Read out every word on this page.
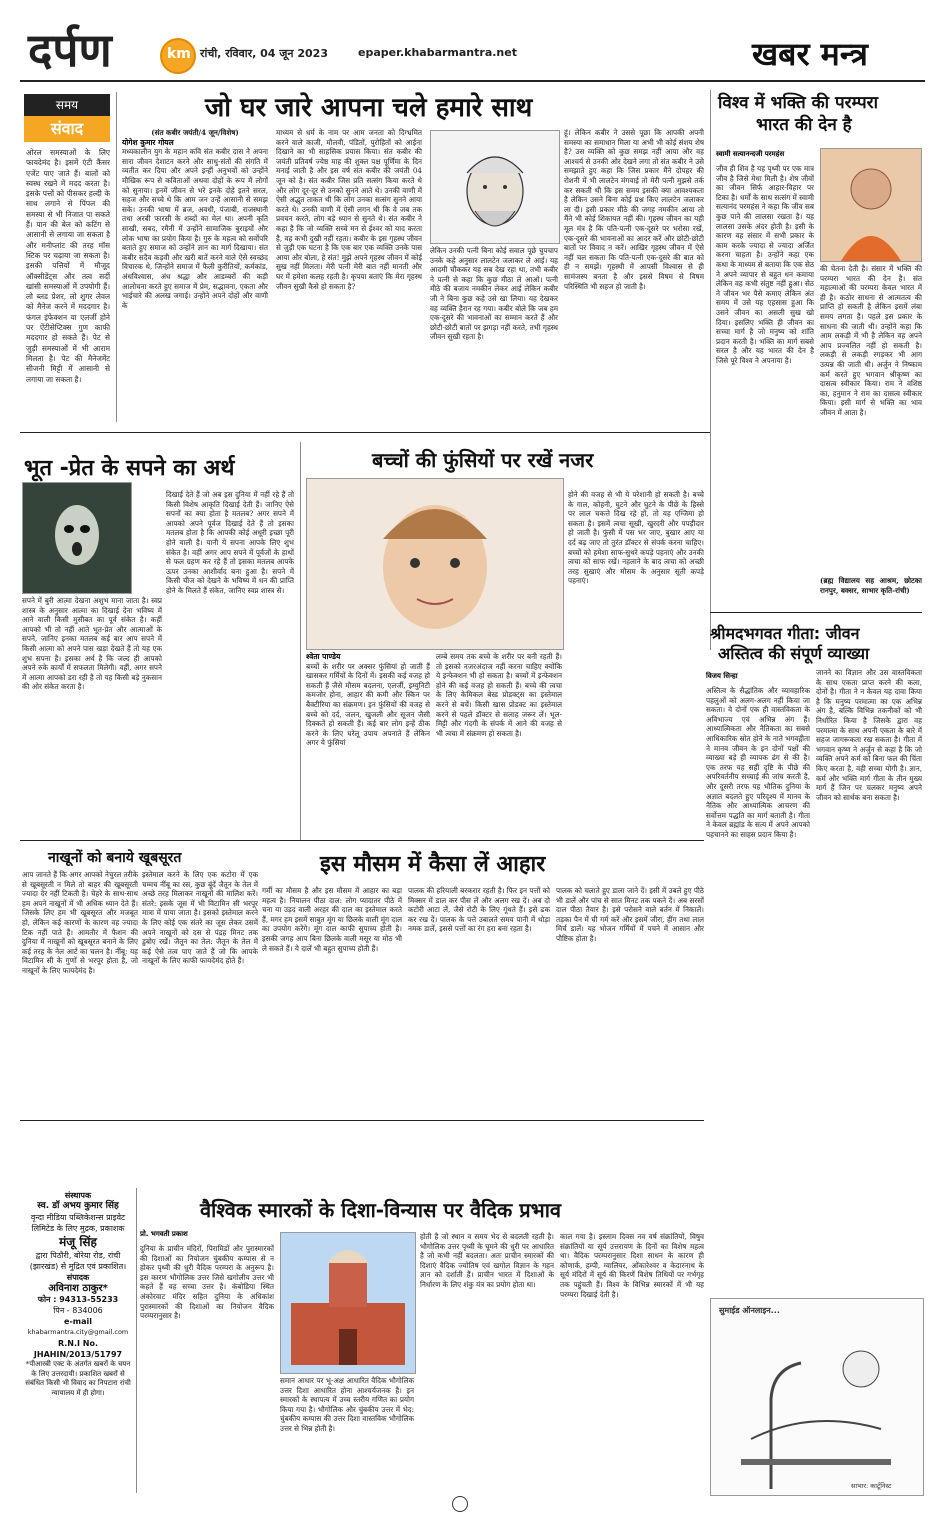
दर्पण	km रांची, रविवार, 04 जून 2023	epaper.khabarmantra.net	खबर मन्त्र
समय
संवाद
ओरल समस्याओं के लिए फायदेमंद है। इसमें एंटी कैंसर एजेंट पाए जाते हैं। बालों को स्वस्थ रखने में मदद करता है। इसके पत्तों को पीसकर हल्दी के साथ लगाने से पिंपल की समस्या से भी निजात पा सकते हैं। पान की बेल को कटिंग से आसानी से लगाया जा सकता है और मनीप्लांट की तरह मॉस स्टिक पर चढ़ाया जा सकता है। इसकी पत्तियों में मौजूद ऑक्सीडेंट्स और तत्व सर्दी खांसी समस्याओं में उपयोगी हैं। लो ब्लड प्रेशर, लो शुगर लेवल को मैनेज करने में मददगार है। फंगल इंफेक्शन या एलर्जी होने पर ऐंटीसेप्टिक्स गुण काफी मददगार हो सकते हैं। पेट से जुड़ी समस्याओं में भी आराम मिलता है। पेट की मैनेजमेंट सीजनी मिट्टी में आसानी से लगाया जा सकता है।
जो घर जारे आपना चले हमारे साथ
(संत कबीर जयंती/4 जून/विशेष)
योगेश कुमार गोयल
मध्यकालीन युग के महान कवि संत कबीर दास ने अपना सारा जीवन देशाटन करने और साधु-संतों की संगति में व्यतीत कर दिया और अपने इन्हीं अनुभवों को उन्होंने मौखिक रूप से कविताओं अथवा दोहों के रूप में लोगों को सुनाया। इनमें जीवन से भरे इनके दोहे इतने सरल, सहज और सच्चे थे कि आम जन उन्हें आसानी से समझ सके। उनकी भाषा में ब्रज, अवधी, पंजाबी, राजस्थानी तथा अरबी फारसी के शब्दों का मेल था। अपनी कृति साखी, सबद, रमैनी में उन्होंने सामाजिक बुराइयों और लोक भाषा का प्रयोग किया है। गुरु के महत्व को सर्वोपरि बताते हुए समाज को उन्होंने ज्ञान का मार्ग दिखाया। संत कबीर सदैव कड़वी और खरी बातें करने वाले ऐसे स्वच्छंद विचारक थे, जिन्होंने समाज में फैली कुरीतियों, कर्मकांड, अंधविश्वास, अंध श्रद्धा और आडम्बरों की कड़ी आलोचना करते हुए समाज में प्रेम, सद्भावना, एकता और भाईचारे की अलख जगाई। उन्होंने अपने दोहों और वाणी के
माध्यम से धर्म के नाम पर आम जनता को दिग्भ्रमित करने वाले काजी, मौलवी, पंडितों, पुरोहितों को आईना दिखाने का भी साहसिक प्रयास किया। संत कबीर की जयंती प्रतिवर्ष ज्येष्ठ माह की शुक्ल पक्ष पूर्णिमा के दिन मनाई जाती है और इस वर्ष संत कबीर की जयंती 04 जून को है। संत कबीर जिस प्रति सत्संग किया करते थे और लोग दूर-दूर से उनको सुनने आते थे। उनकी वाणी में ऐसी अद्भुत ताकत थी कि लोग उनका सत्संग सुनने आया करते थे। उनकी वाणी में ऐसी लगन थी कि वे जब तक प्रवचन करते, लोग बड़े ध्यान से सुनते थे। संत कबीर ने कहा है कि जो व्यक्ति सच्चे मन से ईश्वर को याद करता है, वह कभी दुखी नहीं रहता। कबीर के इस गृहस्थ जीवन से जुड़ी एक घटना है कि एक बार एक व्यक्ति उनके पास आया और बोला, हे संत! मुझे अपने गृहस्थ जीवन में कोई सुख नहीं मिलता। मेरी पत्नी मेरी बात नहीं मानती और घर में हमेशा कलह रहती है। कृपया बताएं कि मेरा गृहस्थ जीवन सुखी कैसे हो सकता है?
लेकिन उनकी पत्नी बिना कोई सवाल पूछे चुपचाप उनके कहे अनुसार लालटेन जलाकर ले आई। यह आदमी चौंककर यह सब देख रहा था, तभी कबीर ने पत्नी से कहा कि कुछ मीठा ले आओ। पत्नी मीठे की बजाय नमकीन लेकर आई लेकिन कबीर जी ने बिना कुछ कहे उसे खा लिया। यह देखकर वह व्यक्ति हैरान रह गया। कबीर बोले कि जब हम एक-दूसरे की भावनाओं का सम्मान करते हैं और छोटी-छोटी बातों पर झगड़ा नहीं करते, तभी गृहस्थ जीवन सुखी रहता है।
हूं। लेकिन कबीर ने उससे पूछा कि आपकी अपनी समस्या का समाधान मिला या अभी भी कोई संशय शेष है? उस व्यक्ति को कुछ समझ नहीं आया और वह आश्चर्य से उनकी ओर देखने लगा तो संत कबीर ने उसे समझाते हुए कहा कि जिस प्रकार मैंने दोपहर की रोशनी में भी लालटेन मंगवाई तो मेरी पत्नी मुझसे तर्क कर सकती थी कि इस समय इसकी क्या आवश्यकता है लेकिन उसने बिना कोई प्रश्न किए लालटेन जलाकर ला दी। इसी प्रकार मीठे की जगह नमकीन आया तो मैंने भी कोई शिकायत नहीं की। गृहस्थ जीवन का यही मूल मंत्र है कि पति-पत्नी एक-दूसरे पर भरोसा रखें, एक-दूसरे की भावनाओं का आदर करें और छोटी-छोटी बातों पर विवाद न करें। आखिर गृहस्थ जीवन में ऐसे नहीं चल सकता कि पति-पत्नी एक-दूसरे की बात को ही न समझें। गृहस्थी में आपसी विश्वास से ही सामंजस्य बनता है और इससे विषम से विषम परिस्थिति भी सहज हो जाती है।
विश्व में भक्ति की परम्परा
भारत की देन है
स्वामी सत्यानन्दजी परमहंस
जीव ही शिव है यह पृथ्वी पर एक मात्र जीव है जिसे मेधा मिली है। शेष जीवों का जीवन सिर्फ आहार-विहार पर टिका है। धर्मों के साथ सत्संग में स्वामी सत्यानंद परमहंस ने कहा कि जीव सब कुछ पाने की लालसा रखता है। यह लालसा उसके अंदर होती है। इसी के कारण वह संसार में सभी प्रकार के काम करके ज्यादा से ज्यादा अर्जित करना चाहता है। उन्होंने कहा एक कथा के माध्यम से बताया कि एक सेठ ने अपने व्यापार से बहुत धन कमाया लेकिन वह कभी संतुष्ट नहीं हुआ। सेठ ने जीवन भर पैसे कमाए लेकिन अंत समय में उसे यह एहसास हुआ कि उसने जीवन का असली सुख खो दिया। इसलिए भक्ति ही जीवन का सच्चा मार्ग है जो मनुष्य को शांति प्रदान करती है। भक्ति का मार्ग सबसे सरल है और यह भारत की देन है जिसे पूरे विश्व ने अपनाया है।
की चेतना देती है। संसार में भक्ति की परम्परा भारत की देन है। संत महात्माओं की परम्परा केवल भारत में ही है। कठोर साधना से आत्मतत्व की प्राप्ति हो सकती है लेकिन इसमें लंबा समय लगता है। पहले इस प्रकार के साधना की जाती थी। उन्होंने कहा कि आम लकड़ी में भी है लेकिन वह अपने आप प्रज्वलित नहीं हो सकती है। लकड़ी से लकड़ी रगड़कर भी आग उत्पन्न की जाती थी। अर्जुन ने निष्काम कर्म करते हुए भगवान श्रीकृष्ण का दासत्व स्वीकार किया। राम ने वशिष्ठ का, हनुमान ने राम का दासत्व स्वीकार किया। इसी मार्ग से भक्ति का भाव जीवन में आता है।
(ब्रह्म विद्यालय सह आश्रम, छोटका रानपुर, बक्सर, साभार कृति-रांची)
भूत -प्रेत के सपने का अर्थ
सपने में बुरी आत्मा देखना अशुभ माना जाता है। स्वप्न शास्त्र के अनुसार आत्मा का दिखाई देना भविष्य में आने वाली किसी मुसीबत का पूर्व संकेत है। कहीं आपको भी तो नहीं आते भूत-प्रेत और आत्माओं के सपने, जानिए इनका मतलब कई बार आप सपने में किसी आत्मा को अपने पास खड़ा देखते हैं तो यह एक शुभ सपना है। इसका अर्थ है कि जल्द ही आपको अपने रुके कार्यों में सफलता मिलेगी। वहीं, अगर सपने में आत्मा आपको डरा रही है तो यह किसी बड़े नुकसान की ओर संकेत करता है।
दिखाई देते हैं जो अब इस दुनिया में नहीं रहे हैं तो किसी विशेष आकृति दिखाई देती हैं। जानिए ऐसे सपनों का क्या होता है मतलब? अगर सपने में आपको अपने पूर्वज दिखाई देते हैं तो इसका मतलब होता है कि आपकी कोई अधूरी इच्छा पूरी होने वाली है। यानी ये सपना आपके लिए शुभ संकेत है। वहीं अगर आप सपने में पूर्वजों के हाथों से फल ग्रहण कर रहे हैं तो इसका मतलब आपके ऊपर उनका आशीर्वाद बना हुआ है। सपने में किसी चीज को देखने के भविष्य में धन की प्राप्ति होने के मिलते हैं संकेत, जानिए स्वप्न शास्त्र से।
बच्चों की फुंसियों पर रखें नजर
श्वेता पाण्डेय
बच्चों के शरीर पर अक्सर फुंसियां हो जाती हैं खासकर गर्मियों के दिनों में। इसकी कई वजह हो सकती हैं जैसे मौसम बदलना, एलर्जी, इम्युनिटी कमजोर होना, आहार की कमी और स्किन पर बैक्टीरिया का संक्रमण। इन फुंसियों की वजह से बच्चे को दर्द, जलन, खुजली और सूजन जैसी दिक्कतें हो सकती हैं। कई बार लोग इन्हें ठीक करने के लिए घरेलू उपाय अपनाते हैं लेकिन अगर ये फुंसियां
लम्बे समय तक बच्चे के शरीर पर बनी रहती हैं। तो इसको नजरअंदाज नहीं करना चाहिए क्योंकि ये इन्फेक्शन भी हो सकता है। बच्चों में इन्फेक्शन होने की कई वजह हो सकती हैं। बच्चे की त्वचा के लिए केमिकल बेस्ड प्रोडक्ट्स का इस्तेमाल करने से बचें। किसी खास प्रोडक्ट का इस्तेमाल करने से पहले डॉक्टर से सलाह जरूर लें। भूल-मिट्टी और गंदगी के संपर्क में आने की वजह से भी त्वचा में संक्रमण हो सकता है।
होने की वजह से भी ये परेशानी हो सकती है। बच्चे के गाल, कोहनी, घुटने और घुटने के पीछे के हिस्से पर लाल चकत्ते दिख रहे हों, तो यह एग्जिमा हो सकता है। इसमें त्वचा सूखी, खुरदरी और पपड़ीदार हो जाती है। फुंसी में पस भर जाए, बुखार आए या दर्द बढ़ जाए तो तुरंत डॉक्टर से संपर्क करना चाहिए। बच्चों को हमेशा साफ-सुथरे कपड़े पहनाएं और उनकी त्वचा को साफ रखें। नहलाने के बाद त्वचा को अच्छी तरह सुखाएं और मौसम के अनुसार सूती कपड़े पहनाएं।
श्रीमदभगवत गीता: जीवन
अस्तित्व की संपूर्ण व्याख्या
विजय सिन्हा
अस्तित्व के सैद्धांतिक और व्यावहारिक पहलुओं को अलग-अलग नहीं किया जा सकता। वे दोनों एक ही वास्तविकता के अविभाज्य एवं अभिन्न अंग हैं। आध्यात्मिकता और नैतिकता का सबसे आधिकारिक स्रोत होने के नाते भगवद्गीता ने मानव जीवन के इन दोनों पक्षों की व्याख्या बड़े ही व्यापक ढंग से की है। एक तरफ यह सही दृष्टि के पीछे की अपरिवर्तनीय सच्चाई की जांच करती है, और दूसरी तरफ यह भौतिक दुनिया के अज्ञात बदलते हुए परिदृश्य में मानव के नैतिक और आध्यात्मिक आचरण की सर्वोत्तम पद्धति का मार्ग बताती है। गीता ने केवल ब्रह्मांड के सत्य में अपने आपको पहचानने का साहस प्रदान किया है।
जानने का विज्ञान और उस वास्तविकता के साथ एकता प्राप्त करने की कला, दोनों है। गीता ने न केवल यह दावा किया है कि मनुष्य परमात्मा का एक अभिन्न अंग है, बल्कि विभिन्न तकनीकों को भी निर्धारित किया है जिसके द्वारा वह परमात्मा के साथ अपनी एकता के बारे में सहज जागरूकता रख सकता है। गीता में भगवान कृष्ण ने अर्जुन से कहा है कि जो व्यक्ति अपने कर्म को बिना फल की चिंता किए करता है, वही सच्चा योगी है। ज्ञान, कर्म और भक्ति मार्ग गीता के तीन मुख्य मार्ग हैं जिन पर चलकर मनुष्य अपने जीवन को सार्थक बना सकता है।
नाखूनों को बनाये खूबसूरत
आप जानते हैं कि अगर आपको नेचुरल तरीके से खूबसूरती न मिले तो बाहर की खूबसूरती ज्यादा देर नहीं टिकती है। चेहरे के साथ-साथ हम अपने नाखूनों में भी अधिक ध्यान देते हैं। जिसके लिए हम भी खूबसूरत और मजबूत हो, लेकिन कई कारणों के कारण वह ज्यादा टिक नहीं पाते हैं। आमतौर में फैशन की दुनिया में नाखूनों को खूबसूरत बनाने के लिए कई तरह के नेल आर्ट का चलन है। नींबू: यह विटामिन सी के गुणों से भरपूर होता है, जो नाखूनों के लिए फायदेमंद है।
इस्तेमाल करने के लिए एक कटोरा में एक चम्मच नींबू का रस, कुछ बूंदें जैतून के तेल में अच्छे तरह मिलाकर नाखूनों की मालिश करें। संतरे: इसके जूस में भी विटामिन सी भरपूर मात्रा में पाया जाता है। इसको इस्तेमाल करने के लिए कोई एक संतरे का जूस लेकर उसमें अपने नाखूनों को दस से पंद्रह मिनट तक डुबोए रखें। जैतून का तेल: जैतून के तेल में कई ऐसे तत्व पाए जाते हैं जो कि आपके नाखूनों के लिए काफी फायदेमंद होते हैं।
इस मौसम में कैसा लें आहार
गर्मी का मौसम है और इस मौसम में आहार का बड़ा महत्व है। नियालन पीठा दाल: लोग प्यादातर पीठे में चना या उड़द वाली अरहर की दाल का इस्तेमाल करते हैं, मगर हम इसमें साबुत मूंग या छिलके वाली मूंग दाल का उपयोग करेंगे। मूंग दाल काफी सुपाच्य होती है। इसकी जगह आप बिना छिलके वाली मसूर या मोठ भी ले सकते हैं। ये दालें भी बहुत सुपाच्य होती हैं।
पालक की हरियाली बरकरार रहती है। फिर इन पत्तों को मिक्सर में डाल कर पीस लें और अलग रख दें। अब दो कटोरी आटा लें, जैसे रोटी के लिए गूंथते हैं। इसे ढक कर रख दें। पालक के पत्ते उबालते समय पानी में थोड़ा नमक डालें, इससे पत्तों का रंग हरा बना रहता है।
पालक को चलाते हुए डाला जाने दें। इसी में उबले हुए पीठे भी डालें और पांच से सात मिनट तक पकने दें। अब सरसों दाल पीठा तैयार है। इसे परोसने वाले बर्तन में निकालें। तड़का पैन में घी गर्म करें और इसमें जीरा, हींग तथा लाल मिर्च डालें। यह भोजन गर्मियों में पचने में आसान और पौष्टिक होता है।
संस्थापक
स्व. डॉ अभय कुमार सिंह
वृन्दा मीडिया पब्लिकेशन्स प्राइवेट लिमिटेड के लिए मुद्रक, प्रकाशक
मंजू सिंह
द्वारा पिठौरी, बोरेया रोड, रांची (झारखंड) से मुद्रित एवं प्रकाशित।
संपादक
अविनाश ठाकुर*
फोन : 94313-55233
पिन - 834006
e-mail
khabarmantra.city@gmail.com
R.N.I No.
JHAHIN/2013/51797
*पीआरबी एक्ट के अंतर्गत खबरों के चयन के लिए उत्तरदायी। प्रकाशित खबरों से संबंधित किसी भी विवाद का निपटारा रांची न्यायालय में ही होगा।
वैश्विक स्मारकों के दिशा-विन्यास पर वैदिक प्रभाव
प्रो. भगवती प्रकाश
दुनिया के प्राचीन मंदिरों, पिरामिडों और पुरास्मारकों की दिशाओं का नियोजन चुंबकीय कम्पास से न होकर पृथ्वी की धुरी वैदिक परम्परा के अनुरूप है। इस कारण भौगोलिक उत्तर जिसे खगोलीय उत्तर भी कहते हैं वह सच्चा उत्तर है। कंबोडिया स्थित अंकोरवाट मंदिर सहित दुनिया के अधिकांश पुरास्मारकों की दिशाओं का नियोजन वैदिक परम्परानुसार है।
समान आधार पर भू-अक्ष आधारित वैदिक भौगोलिक उत्तर दिशा आधारित होना आश्चर्यजनक है। इन स्मारकों के स्थापत्य में उच्च स्तरीय गणित का प्रयोग किया गया है। भौगोलिक और चुंबकीय उत्तर में भेद: चुंबकीय कम्पास की उत्तर दिशा वास्तविक भौगोलिक उत्तर से भिन्न होती है।
होती है जो स्थान व समय भेद से बदलती रहती है। भौगोलिक उत्तर पृथ्वी के घूमने की धुरी पर आधारित है जो कभी नहीं बदलता। अतः प्राचीन स्मारकों की दिशाएं वैदिक ज्योतिष एवं खगोल विज्ञान के गहन ज्ञान को दर्शाती हैं। प्राचीन भारत में दिशाओं के निर्धारण के लिए शंकु यंत्र का प्रयोग होता था।
काल गया है। इस्लाम दिवस नव वर्ष संक्रांतियों, विषुव संक्रांतियों या सूर्य उत्तरायण के दिनों का विशेष महत्व था। वैदिक परम्परानुसार दिशा साधन के कारण ही कोणार्क, हम्पी, ग्वालियर, ओंकारेश्वर व केदारनाथ के सूर्य मंदिरों में सूर्य की किरणें विशेष तिथियों पर गर्भगृह तक पहुंचती हैं। विश्व के विभिन्न स्मारकों में भी यह परम्परा दिखाई देती है।
सुमाईड ऑनलाइन...
साभार: कार्टूनिस्ट
